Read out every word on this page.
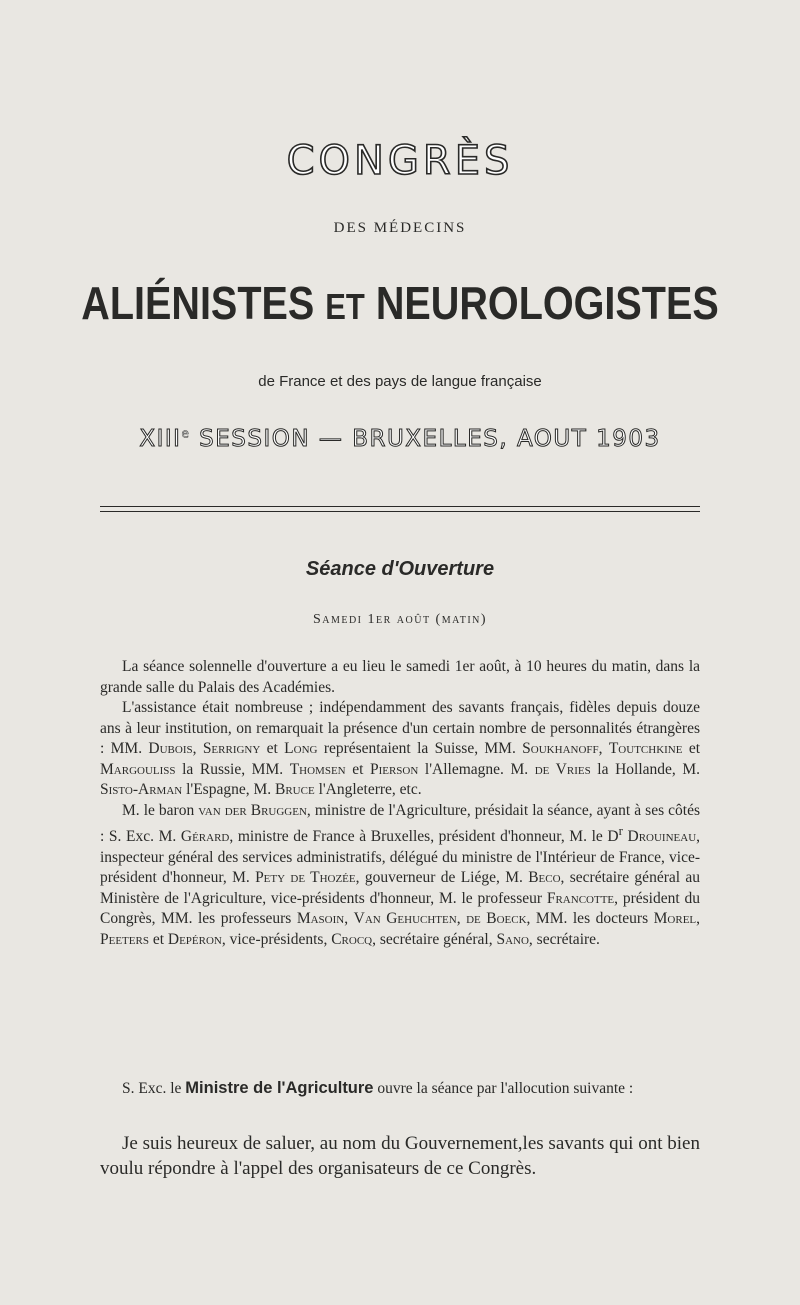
CONGRÈS
DES MÉDECINS
ALIÉNISTES ET NEUROLOGISTES
de France et des pays de langue française
XIIIe SESSION — BRUXELLES, AOUT 1903
Séance d'Ouverture
Samedi 1er août (matin)

La séance solennelle d'ouverture a eu lieu le samedi 1er août, à 10 heures du matin, dans la grande salle du Palais des Académies.

L'assistance était nombreuse ; indépendamment des savants français, fidèles depuis douze ans à leur institution, on remarquait la présence d'un certain nombre de personnalités étrangères : MM. Dubois, Serrigny et Long représentaient la Suisse, MM. Soukhanoff, Toutchkine et Margouliss la Russie, MM. Thomsen et Pierson l'Allemagne. M. de Vries la Hollande, M. Sisto-Arman l'Espagne, M. Bruce l'Angleterre, etc.

M. le baron van der Bruggen, ministre de l'Agriculture, présidait la séance, ayant à ses côtés : S. Exc. M. Gérard, ministre de France à Bruxelles, président d'honneur, M. le $D^r$ Drouineau, inspecteur général des services administratifs, délégué du ministre de l'Intérieur de France, vice-président d'honneur, M. Pety de Thozée, gouverneur de Liége, M. Beco, secrétaire général au Ministère de l'Agriculture, vice-présidents d'honneur, M. le professeur Francotte, président du Congrès, MM. les professeurs Masoin, Van Gehuchten, de Boeck, MM. les docteurs Morel, Peeters et Depéron, vice-présidents, Crocq, secrétaire général, Sano, secrétaire.

S. Exc. le Ministre de l'Agriculture ouvre la séance par l'allocution suivante :

Je suis heureux de saluer, au nom du Gouvernement,les savants qui ont bien voulu répondre à l'appel des organisateurs de ce Congrès.
